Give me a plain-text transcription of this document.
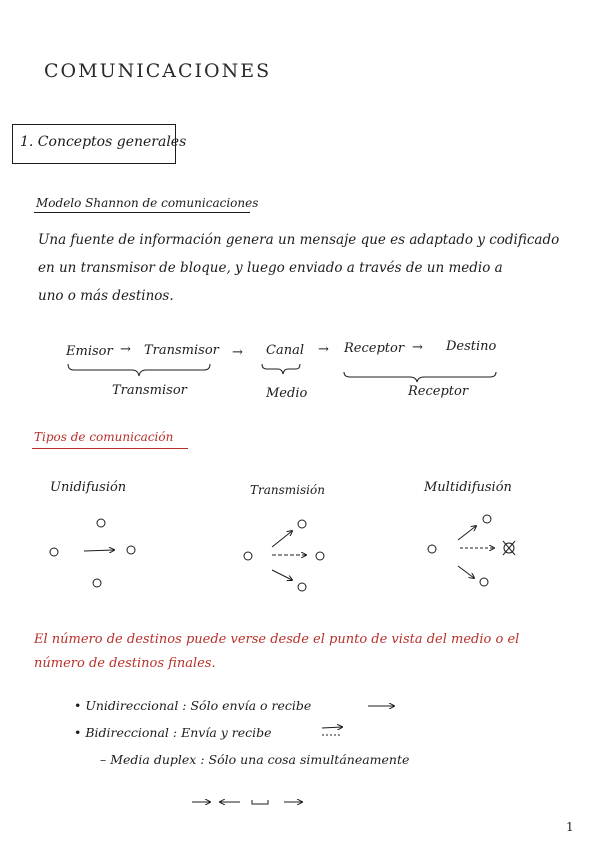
COMUNICACIONES
1. Conceptos generales
Modelo Shannon de comunicaciones
Una fuente de información genera un mensaje que es adaptado y codificado
en un transmisor de bloque, y luego enviado a través de un medio a
uno o más destinos.
Emisor → Transmisor → Canal → Receptor → Destino
Transmisor	Medio	Receptor
Tipos de comunicación
Unidifusión	Transmisión	Multidifusión
El número de destinos puede verse desde el punto de vista del medio o el
número de destinos finales.
• Unidireccional : Sólo envía o recibe
• Bidireccional : Envía y recibe
– Media duplex : Sólo una cosa simultáneamente
1
